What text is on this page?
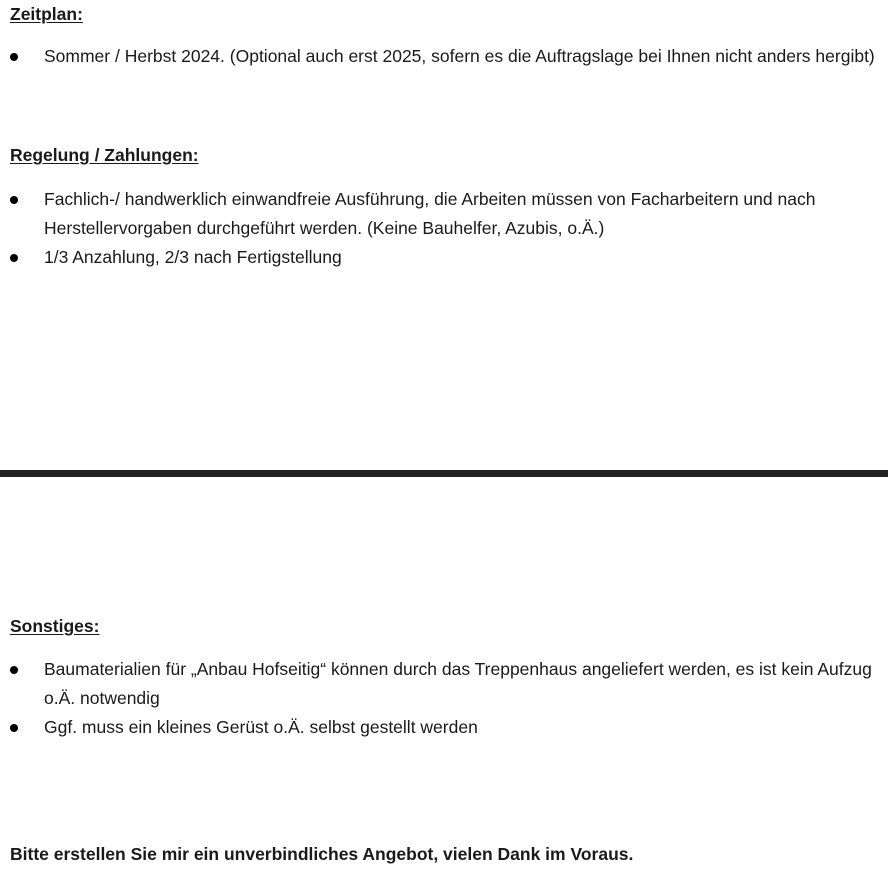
Zeitplan:
Sommer / Herbst 2024. (Optional auch erst 2025, sofern es die Auftragslage bei Ihnen nicht anders hergibt)
Regelung / Zahlungen:
Fachlich-/ handwerklich einwandfreie Ausführung, die Arbeiten müssen von Facharbeitern und nach Herstellervorgaben durchgeführt werden. (Keine Bauhelfer, Azubis, o.Ä.)
1/3 Anzahlung, 2/3 nach Fertigstellung
Sonstiges:
Baumaterialien für „Anbau Hofseitig“ können durch das Treppenhaus angeliefert werden, es ist kein Aufzug o.Ä. notwendig
Ggf. muss ein kleines Gerüst o.Ä. selbst gestellt werden
Bitte erstellen Sie mir ein unverbindliches Angebot, vielen Dank im Voraus.
